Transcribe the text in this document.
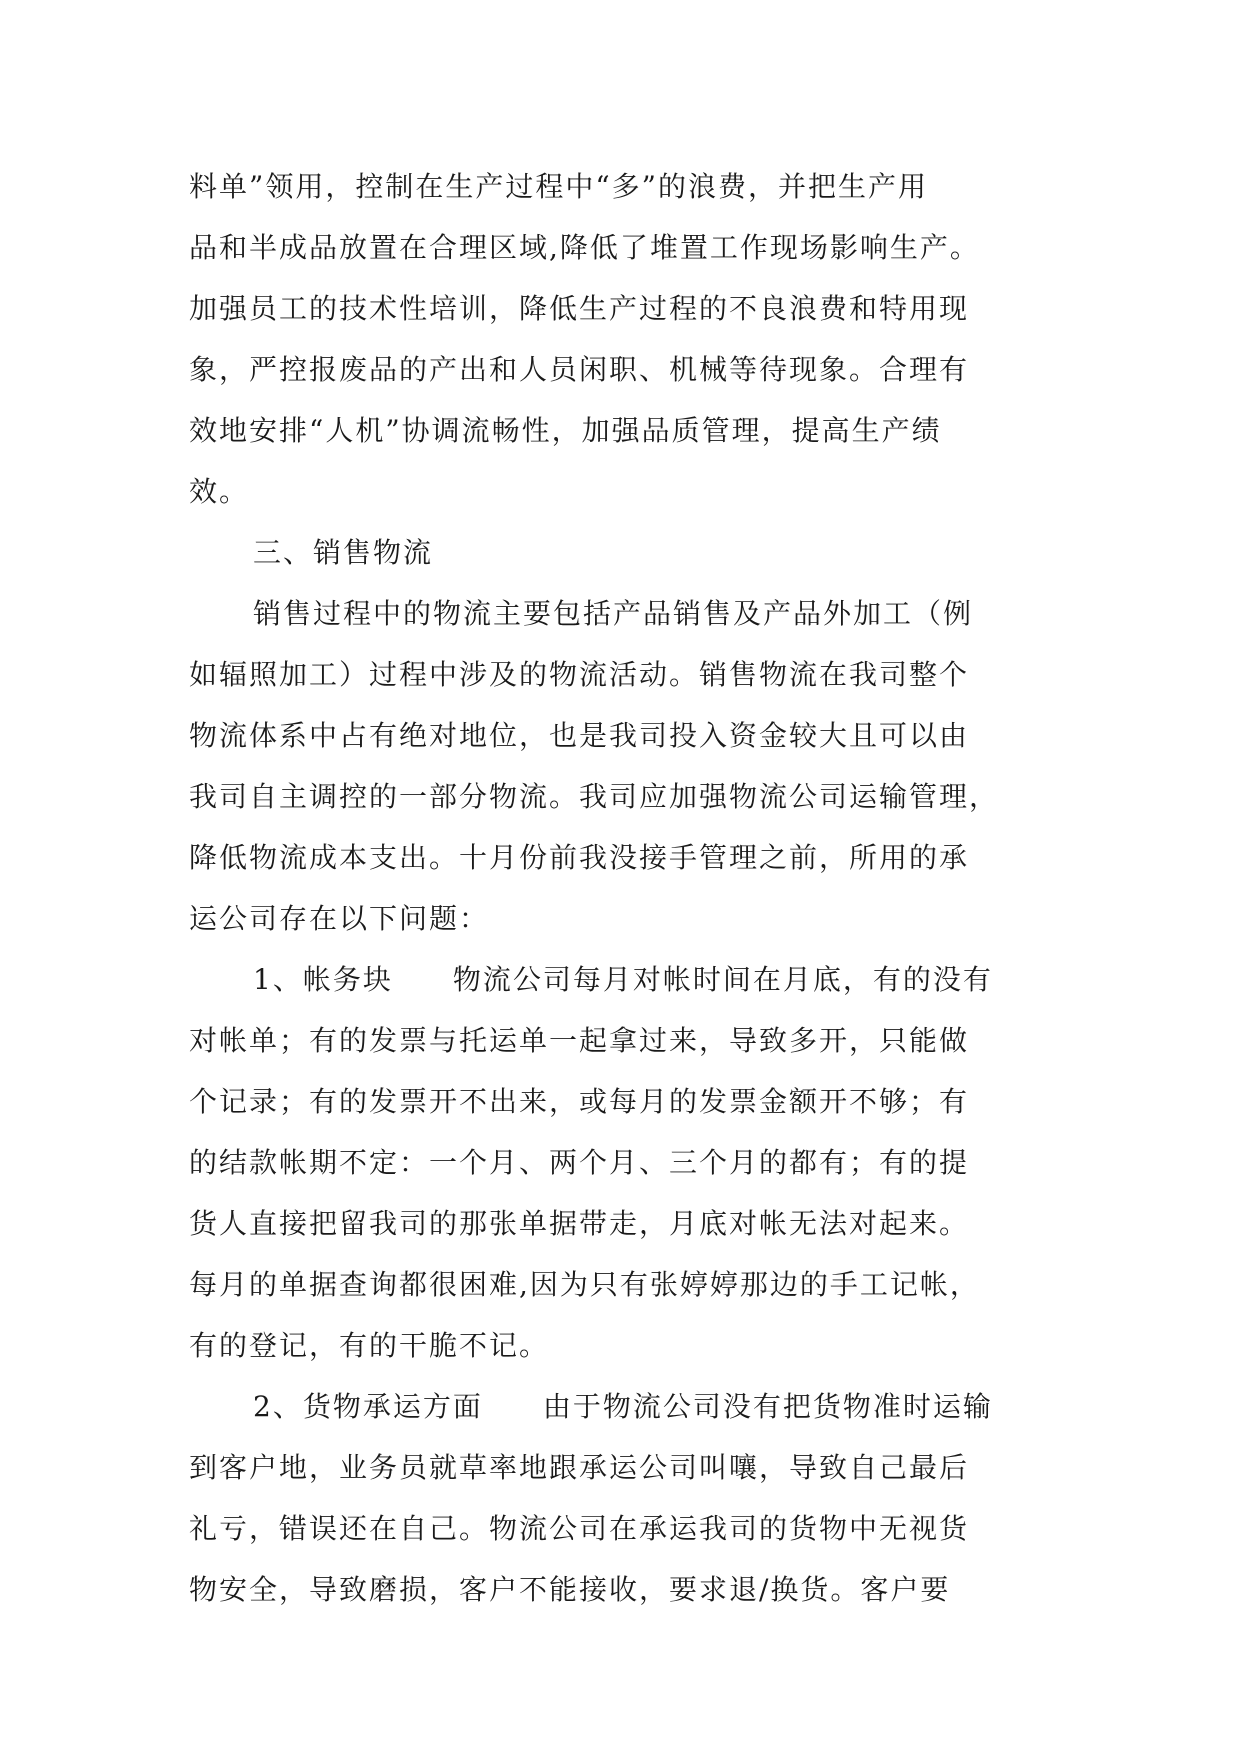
料单”领用，控制在生产过程中“多”的浪费，并把生产用
品和半成品放置在合理区域,降低了堆置工作现场影响生产。
加强员工的技术性培训，降低生产过程的不良浪费和特用现
象，严控报废品的产出和人员闲职、机械等待现象。合理有
效地安排“人机”协调流畅性，加强品质管理，提高生产绩
效。
三、销售物流
销售过程中的物流主要包括产品销售及产品外加工（例
如辐照加工）过程中涉及的物流活动。销售物流在我司整个
物流体系中占有绝对地位，也是我司投入资金较大且可以由
我司自主调控的一部分物流。我司应加强物流公司运输管理，
降低物流成本支出。十月份前我没接手管理之前，所用的承
运公司存在以下问题：
1、帐务块　　物流公司每月对帐时间在月底，有的没有
对帐单；有的发票与托运单一起拿过来，导致多开，只能做
个记录；有的发票开不出来，或每月的发票金额开不够；有
的结款帐期不定：一个月、两个月、三个月的都有；有的提
货人直接把留我司的那张单据带走，月底对帐无法对起来。
每月的单据查询都很困难,因为只有张婷婷那边的手工记帐，
有的登记，有的干脆不记。
2、货物承运方面　　由于物流公司没有把货物准时运输
到客户地，业务员就草率地跟承运公司叫嚷，导致自己最后
礼亏，错误还在自己。物流公司在承运我司的货物中无视货
物安全，导致磨损，客户不能接收，要求退/换货。客户要
